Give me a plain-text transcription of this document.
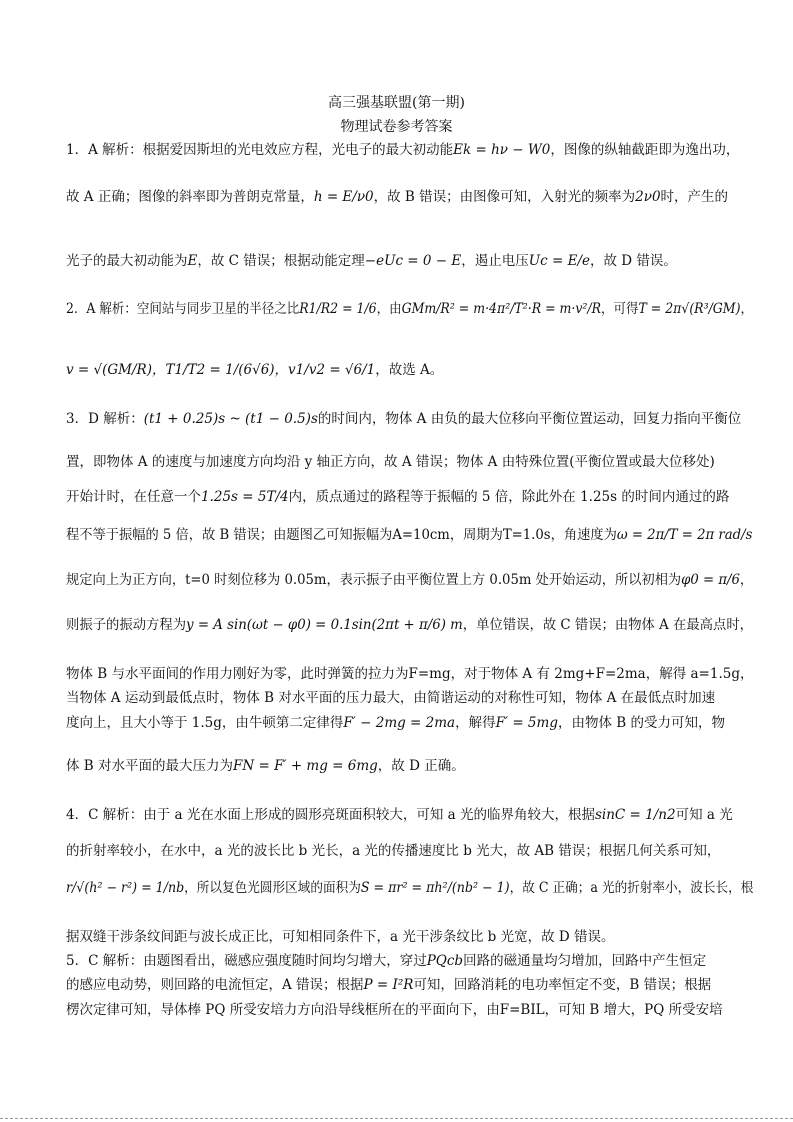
高三强基联盟(第一期)
物理试卷参考答案
1．A 解析：根据爱因斯坦的光电效应方程，光电子的最大初动能Ek = hν − W0，图像的纵轴截距即为逸出功，
故 A 正确；图像的斜率即为普朗克常量，h = E/ν0，故 B 错误；由图像可知，入射光的频率为2ν0时，产生的
光子的最大初动能为E，故 C 错误；根据动能定理−eUc = 0 − E，遏止电压Uc = E/e，故 D 错误。
2．A 解析：空间站与同步卫星的半径之比R1/R2 = 1/6，由GMm/R² = m·4π²/T²·R = m·v²/R，可得T = 2π√(R³/GM)，
v = √(GM/R)，T1/T2 = 1/(6√6)，v1/v2 = √6/1，故选 A。
3．D 解析：(t1 + 0.25)s ~ (t1 − 0.5)s的时间内，物体 A 由负的最大位移向平衡位置运动，回复力指向平衡位
置，即物体 A 的速度与加速度方向均沿 y 轴正方向，故 A 错误；物体 A 由特殊位置(平衡位置或最大位移处)
开始计时，在任意一个1.25s = 5T/4内，质点通过的路程等于振幅的 5 倍，除此外在 1.25s 的时间内通过的路
程不等于振幅的 5 倍，故 B 错误；由题图乙可知振幅为A=10cm，周期为T=1.0s，角速度为ω = 2π/T = 2π rad/s
规定向上为正方向，t=0 时刻位移为 0.05m，表示振子由平衡位置上方 0.05m 处开始运动，所以初相为φ0 = π/6，
则振子的振动方程为y = A sin(ωt − φ0) = 0.1sin(2πt + π/6) m，单位错误，故 C 错误；由物体 A 在最高点时，
物体 B 与水平面间的作用力刚好为零，此时弹簧的拉力为F=mg，对于物体 A 有 2mg+F=2ma，解得 a=1.5g，
当物体 A 运动到最低点时，物体 B 对水平面的压力最大，由简谐运动的对称性可知，物体 A 在最低点时加速
度向上，且大小等于 1.5g，由牛顿第二定律得F′ − 2mg = 2ma，解得F′ = 5mg，由物体 B 的受力可知，物
体 B 对水平面的最大压力为FN = F′ + mg = 6mg，故 D 正确。
4．C 解析：由于 a 光在水面上形成的圆形亮斑面积较大，可知 a 光的临界角较大，根据sinC = 1/n2可知 a 光
的折射率较小，在水中，a 光的波长比 b 光长，a 光的传播速度比 b 光大，故 AB 错误；根据几何关系可知，
r/√(h² − r²) = 1/nb，所以复色光圆形区域的面积为S = πr² = πh²/(nb² − 1)，故 C 正确；a 光的折射率小，波长长，根
据双缝干涉条纹间距与波长成正比，可知相同条件下，a 光干涉条纹比 b 光宽，故 D 错误。
5．C 解析：由题图看出，磁感应强度随时间均匀增大，穿过PQcb回路的磁通量均匀增加，回路中产生恒定
的感应电动势，则回路的电流恒定，A 错误；根据P = I²R可知，回路消耗的电功率恒定不变，B 错误；根据
楞次定律可知，导体棒 PQ 所受安培力方向沿导线框所在的平面向下，由F=BIL，可知 B 增大，PQ 所受安培
